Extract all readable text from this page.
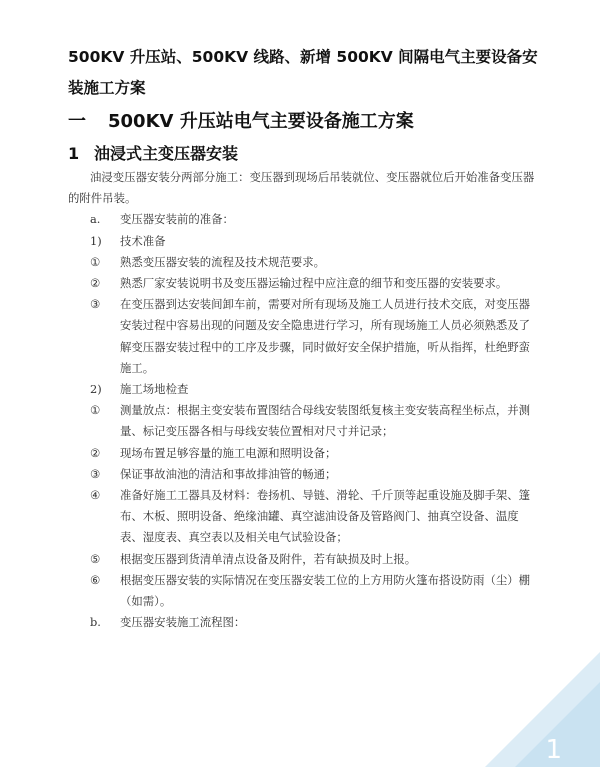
500KV 升压站、500KV 线路、新增 500KV 间隔电气主要设备安装施工方案
一 500KV 升压站电气主要设备施工方案
1 油浸式主变压器安装

油浸变压器安装分两部分施工：变压器到现场后吊装就位、变压器就位后开始准备变压器的附件吊装。

a. 变压器安装前的准备：

1) 技术准备

① 熟悉变压器安装的流程及技术规范要求。

② 熟悉厂家安装说明书及变压器运输过程中应注意的细节和变压器的安装要求。

③ 在变压器到达安装间卸车前，需要对所有现场及施工人员进行技术交底，对变压器安装过程中容易出现的问题及安全隐患进行学习，所有现场施工人员必须熟悉及了解变压器安装过程中的工序及步骤，同时做好安全保护措施，听从指挥，杜绝野蛮施工。

2) 施工场地检查

① 测量放点：根据主变安装布置图结合母线安装图纸复核主变安装高程坐标点，并测量、标记变压器各相与母线安装位置相对尺寸并记录；

② 现场布置足够容量的施工电源和照明设备；

③ 保证事故油池的清洁和事故排油管的畅通；

④ 准备好施工工器具及材料：卷扬机、导链、滑轮、千斤顶等起重设施及脚手架、篷布、木板、照明设备、绝缘油罐、真空滤油设备及管路阀门、抽真空设备、温度表、湿度表、真空表以及相关电气试验设备；

⑤ 根据变压器到货清单清点设备及附件，若有缺损及时上报。

⑥ 根据变压器安装的实际情况在变压器安装工位的上方用防火篷布搭设防雨（尘）棚（如需）。

b. 变压器安装施工流程图：

1
